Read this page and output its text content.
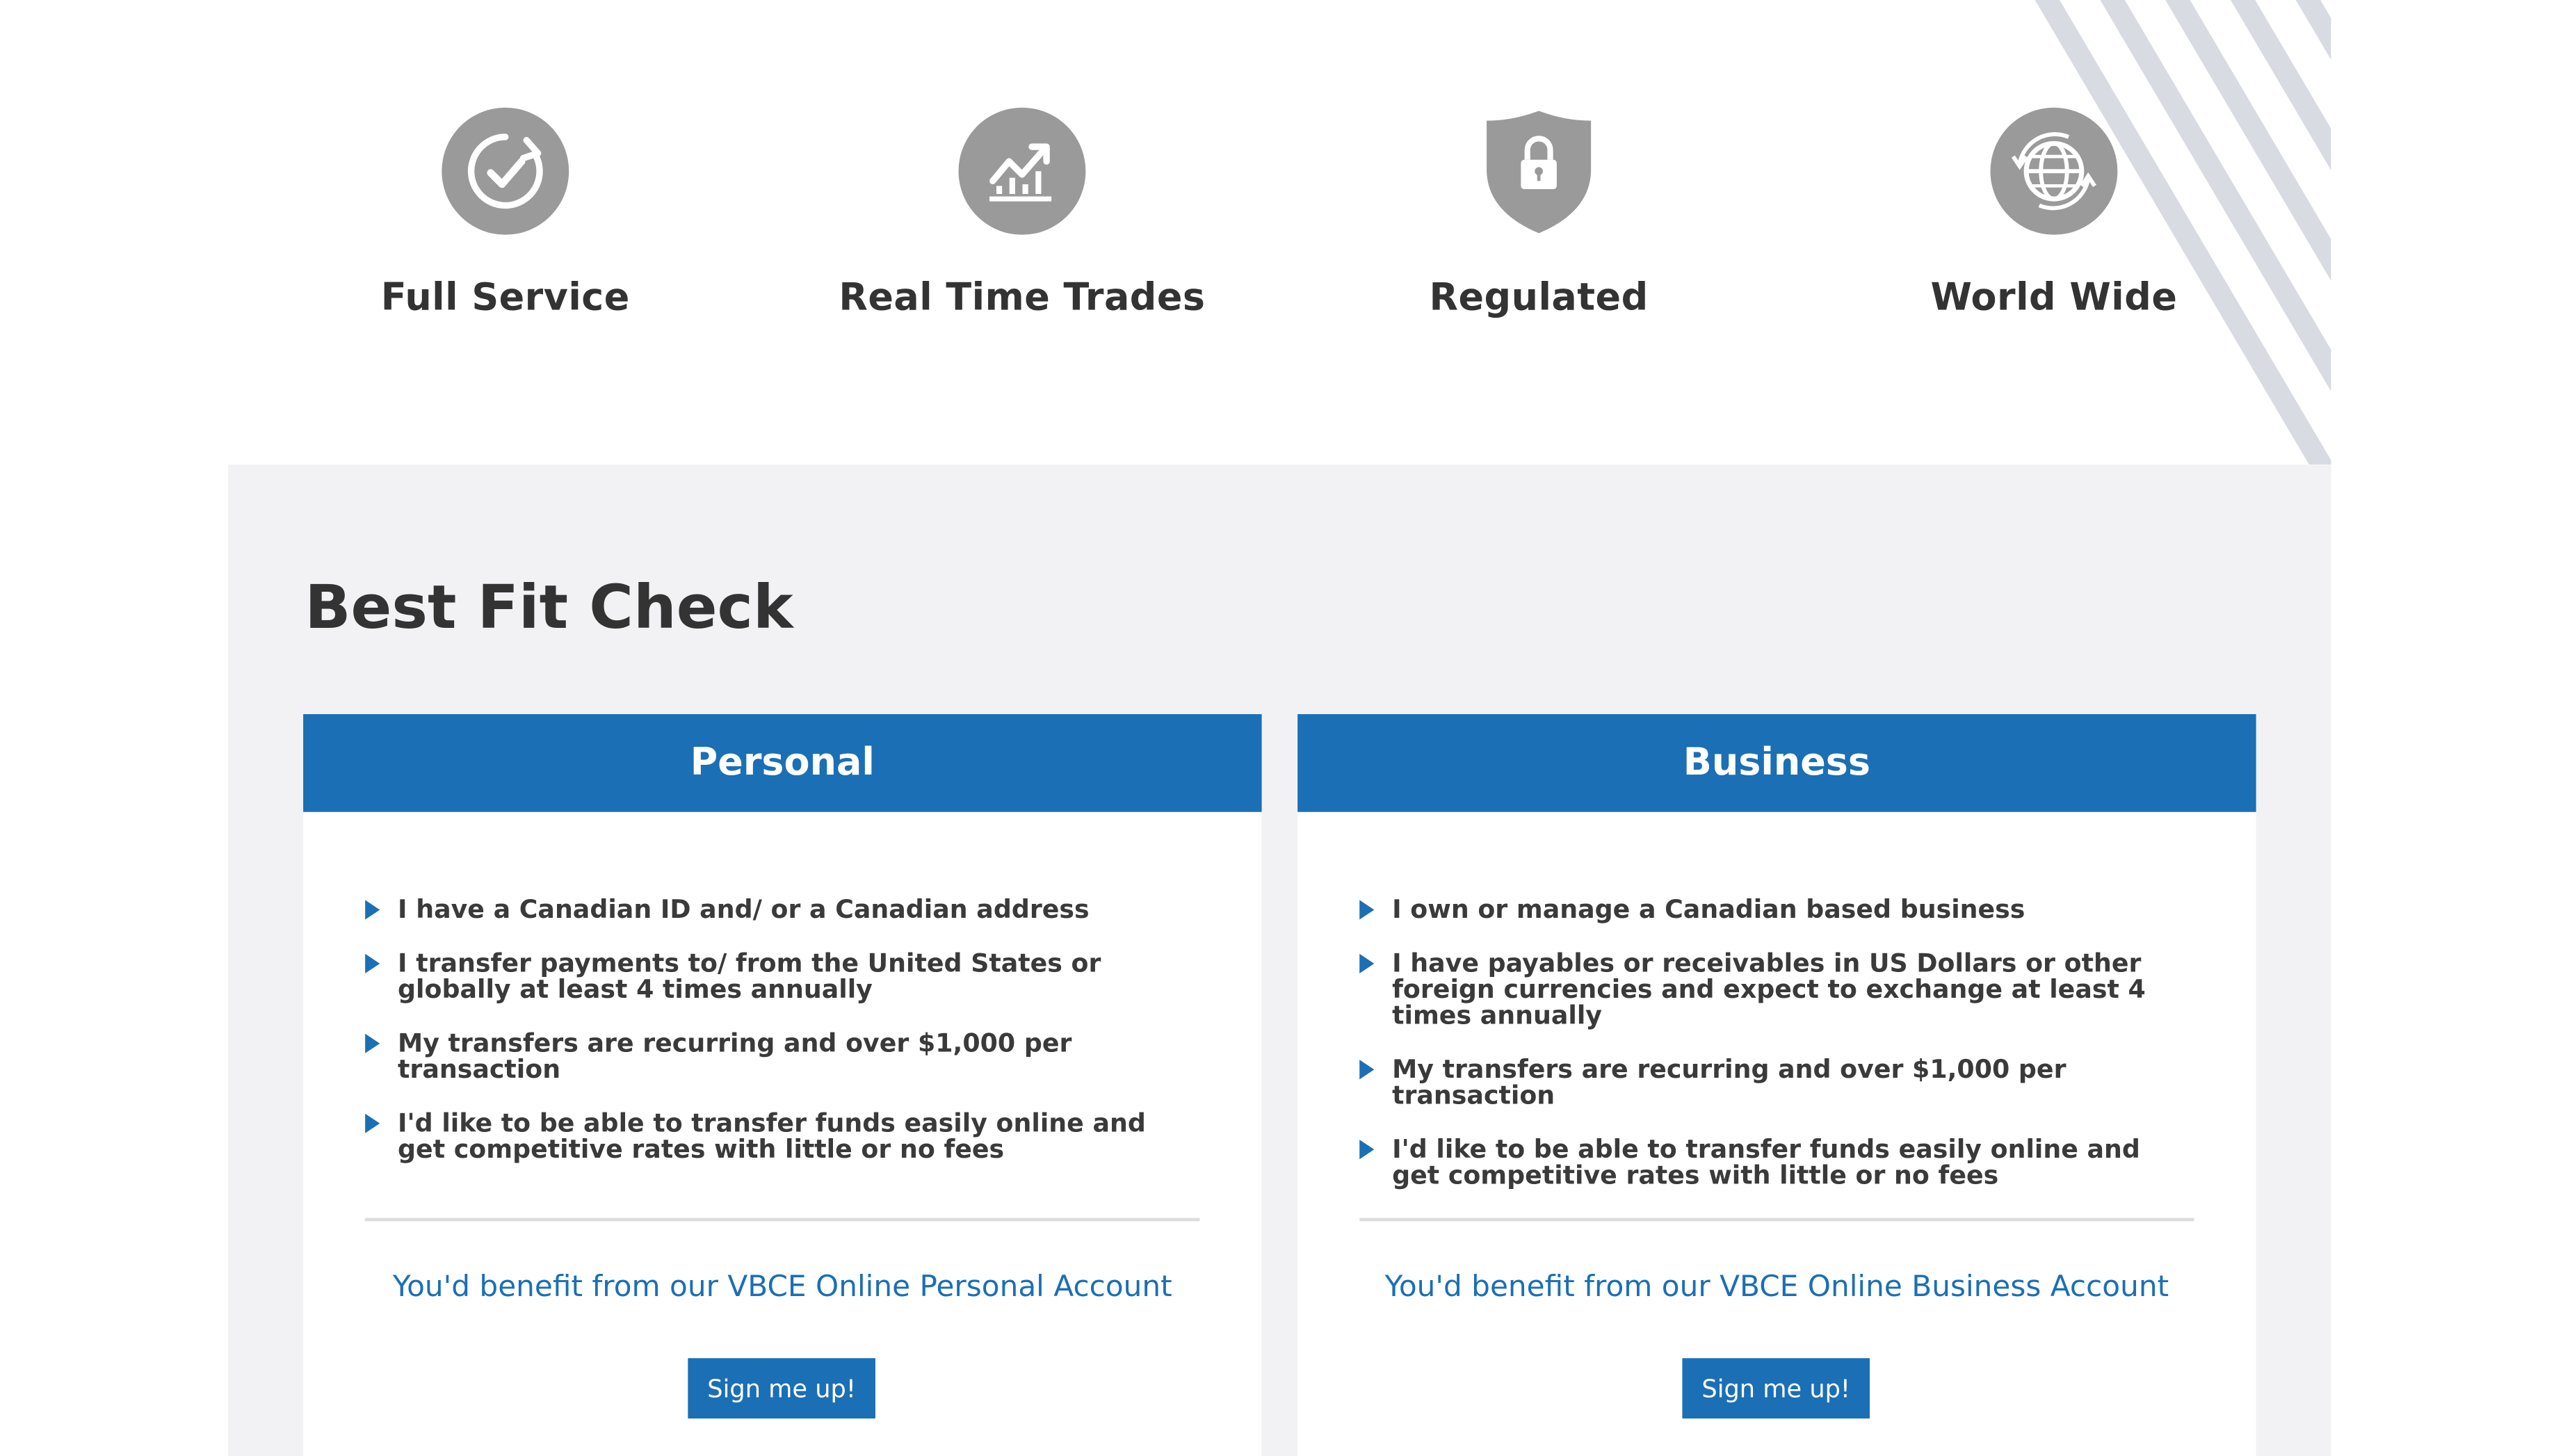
Full Service	Real Time Trades	Regulated	World Wide
Best Fit Check
Personal
I have a Canadian ID and/ or a Canadian address
I transfer payments to/ from the United States or globally at least 4 times annually
My transfers are recurring and over $1,000 per transaction
I'd like to be able to transfer funds easily online and get competitive rates with little or no fees
You'd benefit from our VBCE Online Personal Account
Sign me up!
Business
I own or manage a Canadian based business
I have payables or receivables in US Dollars or other foreign currencies and expect to exchange at least 4 times annually
My transfers are recurring and over $1,000 per transaction
I'd like to be able to transfer funds easily online and get competitive rates with little or no fees
You'd benefit from our VBCE Online Business Account
Sign me up!
